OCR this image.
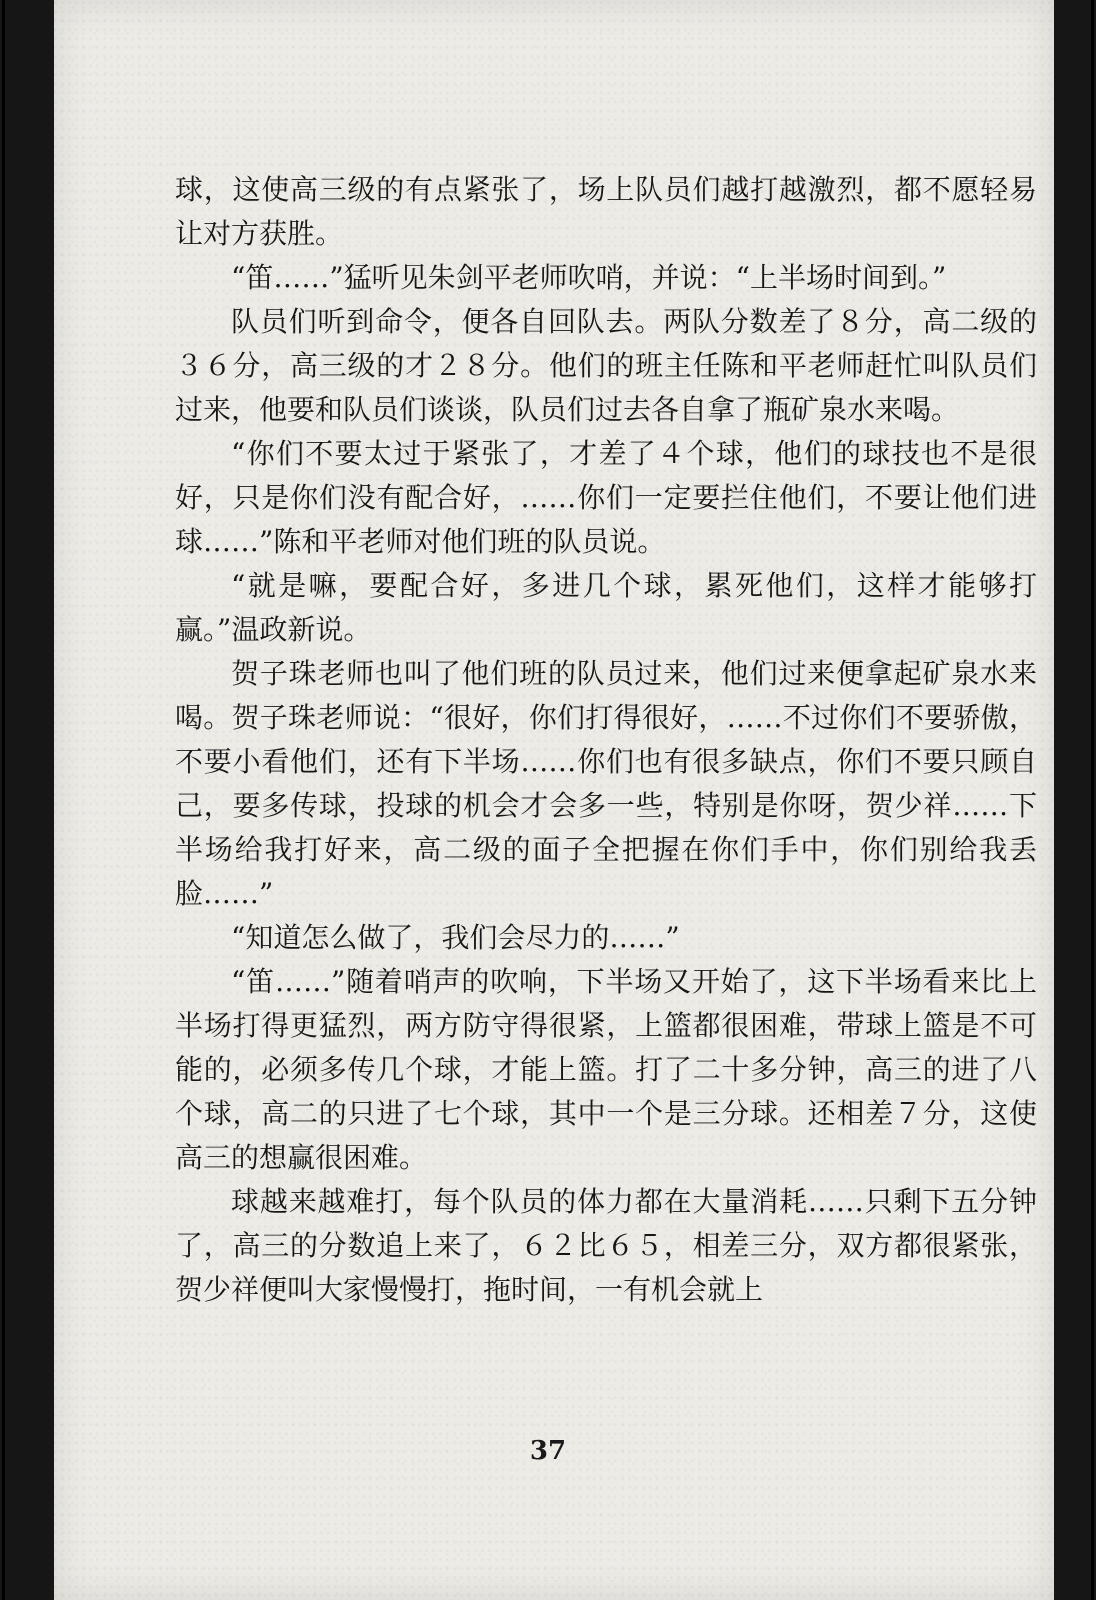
球，这使高三级的有点紧张了，场上队员们越打越激烈，都不愿轻易让对方获胜。

“笛……”猛听见朱剑平老师吹哨，并说：“上半场时间到。”

队员们听到命令，便各自回队去。两队分数差了８分，高二级的３６分，高三级的才２８分。他们的班主任陈和平老师赶忙叫队员们过来，他要和队员们谈谈，队员们过去各自拿了瓶矿泉水来喝。

“你们不要太过于紧张了，才差了４个球，他们的球技也不是很好，只是你们没有配合好，……你们一定要拦住他们，不要让他们进球……”陈和平老师对他们班的队员说。

“就是嘛，要配合好，多进几个球，累死他们，这样才能够打赢。”温政新说。

贺子珠老师也叫了他们班的队员过来，他们过来便拿起矿泉水来喝。贺子珠老师说：“很好，你们打得很好，……不过你们不要骄傲，不要小看他们，还有下半场……你们也有很多缺点，你们不要只顾自己，要多传球，投球的机会才会多一些，特别是你呀，贺少祥……下半场给我打好来，高二级的面子全把握在你们手中，你们别给我丢脸……”

“知道怎么做了，我们会尽力的……”

“笛……”随着哨声的吹响，下半场又开始了，这下半场看来比上半场打得更猛烈，两方防守得很紧，上篮都很困难，带球上篮是不可能的，必须多传几个球，才能上篮。打了二十多分钟，高三的进了八个球，高二的只进了七个球，其中一个是三分球。还相差７分，这使高三的想赢很困难。

球越来越难打，每个队员的体力都在大量消耗……只剩下五分钟了，高三的分数追上来了，６２比６５，相差三分，双方都很紧张，贺少祥便叫大家慢慢打，拖时间，一有机会就上

37
